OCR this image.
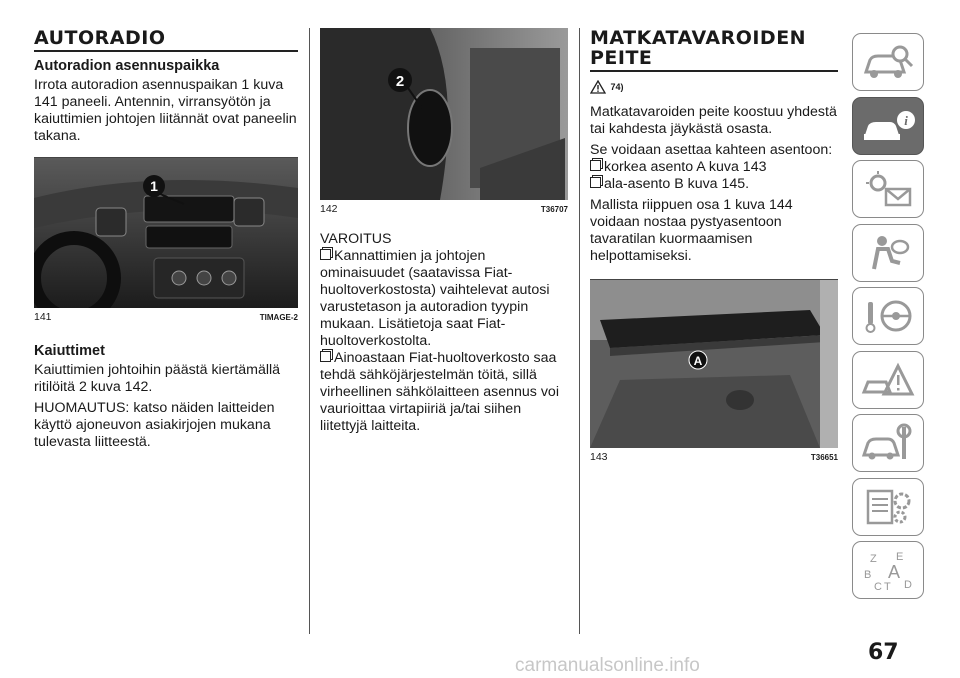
AUTORADIO
Autoradion asennuspaikka

Irrota autoradion asennuspaikan 1 kuva 141 paneeli. Antennin, virransyötön ja kaiuttimien johtojen liitännät ovat paneelin takana.

1
141	TIMAGE-2
Kaiuttimet

Kaiuttimien johtoihin päästä kiertämällä ritilöitä 2 kuva 142.

HUOMAUTUS: katso näiden laitteiden käyttö ajoneuvon asiakirjojen mukana tulevasta liitteestä.

2
142	T36707

VAROITUS

Kannattimien ja johtojen ominaisuudet (saatavissa Fiat-huoltoverkostosta) vaihtelevat autosi varustetason ja autoradion tyypin mukaan. Lisätietoja saat Fiat-huoltoverkostolta.

Ainoastaan Fiat-huoltoverkosto saa tehdä sähköjärjestelmän töitä, sillä virheellinen sähkölaitteen asennus voi vaurioittaa virtapiiriä ja/tai siihen liitettyjä laitteita.

MATKATAVAROIDEN
PEITE
74)

Matkatavaroiden peite koostuu yhdestä tai kahdesta jäykästä osasta.

Se voidaan asettaa kahteen asentoon:

korkea asento A kuva 143

ala-asento B kuva 145.

Mallista riippuen osa 1 kuva 144 voidaan nostaa pystyasentoon tavaratilan kuormaamisen helpottamiseksi.

A
143	T36651
i
Z E
B A
C T D
67
carmanualsonline.info
